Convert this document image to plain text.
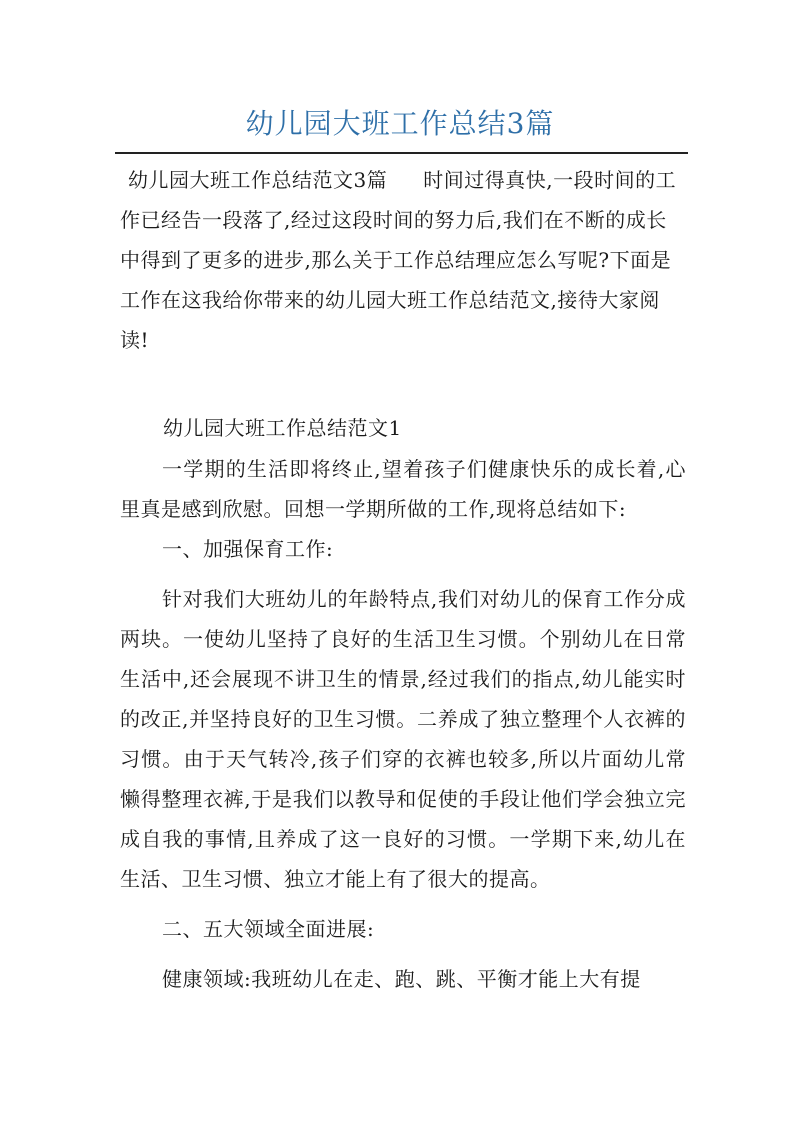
幼儿园大班工作总结3篇
幼儿园大班工作总结范文3篇 时间过得真快,一段时间的工作已经告一段落了,经过这段时间的努力后,我们在不断的成长中得到了更多的进步,那么关于工作总结理应怎么写呢?下面是工作在这我给你带来的幼儿园大班工作总结范文,接待大家阅读!
幼儿园大班工作总结范文1

一学期的生活即将终止,望着孩子们健康快乐的成长着,心里真是感到欣慰。回想一学期所做的工作,现将总结如下:

一、加强保育工作:

针对我们大班幼儿的年龄特点,我们对幼儿的保育工作分成两块。一使幼儿坚持了良好的生活卫生习惯。个别幼儿在日常生活中,还会展现不讲卫生的情景,经过我们的指点,幼儿能实时的改正,并坚持良好的卫生习惯。二养成了独立整理个人衣裤的习惯。由于天气转冷,孩子们穿的衣裤也较多,所以片面幼儿常懒得整理衣裤,于是我们以教导和促使的手段让他们学会独立完成自我的事情,且养成了这一良好的习惯。一学期下来,幼儿在生活、卫生习惯、独立才能上有了很大的提高。

二、五大领域全面进展:

健康领域:我班幼儿在走、跑、跳、平衡才能上大有提
